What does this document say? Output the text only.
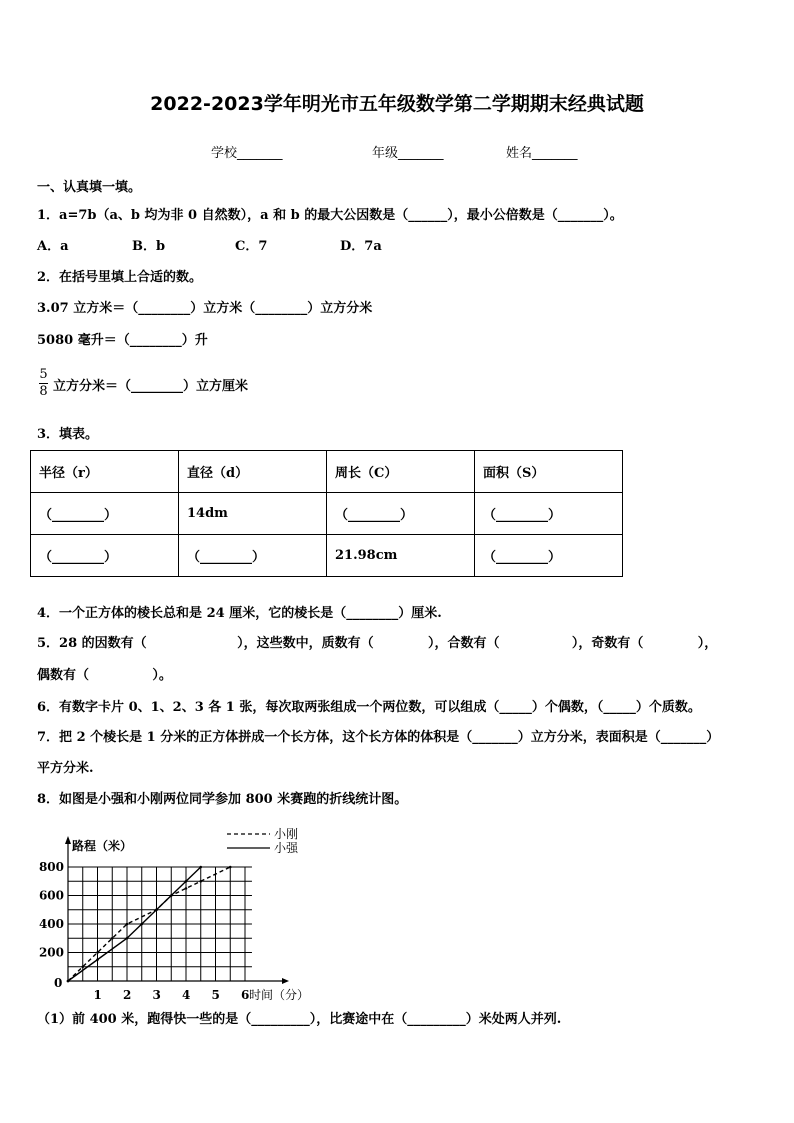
2022-2023学年明光市五年级数学第二学期期末经典试题
学校_______	年级_______	姓名_______
一、认真填一填。
1．a=7b（a、b 均为非 0 自然数），a 和 b 的最大公因数是（______），最小公倍数是（_______）。
A．a	B．b	C．7	D．7a
2．在括号里填上合适的数。
3.07 立方米＝（________）立方米（________）立方分米
5080 毫升＝（________）升
5
8 立方分米＝（________）立方厘米
3．填表。
半径（r）	直径（d）	周长（C）	面积（S）
（________）	14dm	（________）	（________）
（________）	（________）	21.98cm	（________）
4．一个正方体的棱长总和是 24 厘米，它的棱长是（________）厘米.
5．28 的因数有（                    ），这些数中，质数有（            ），合数有（                ），奇数有（            ），
偶数有（              ）。
6．有数字卡片 0、1、2、3 各 1 张，每次取两张组成一个两位数，可以组成（_____）个偶数，（_____）个质数。
7．把 2 个棱长是 1 分米的正方体拼成一个长方体，这个长方体的体积是（_______）立方分米，表面积是（_______）
平方分米.
8．如图是小强和小刚两位同学参加 800 米赛跑的折线统计图。
小刚
小强
1 2 3 4 5 6
200
400
600
800
0
路程（米）
时间（分）
（1）前 400 米，跑得快一些的是（_________），比赛途中在（_________）米处两人并列.
